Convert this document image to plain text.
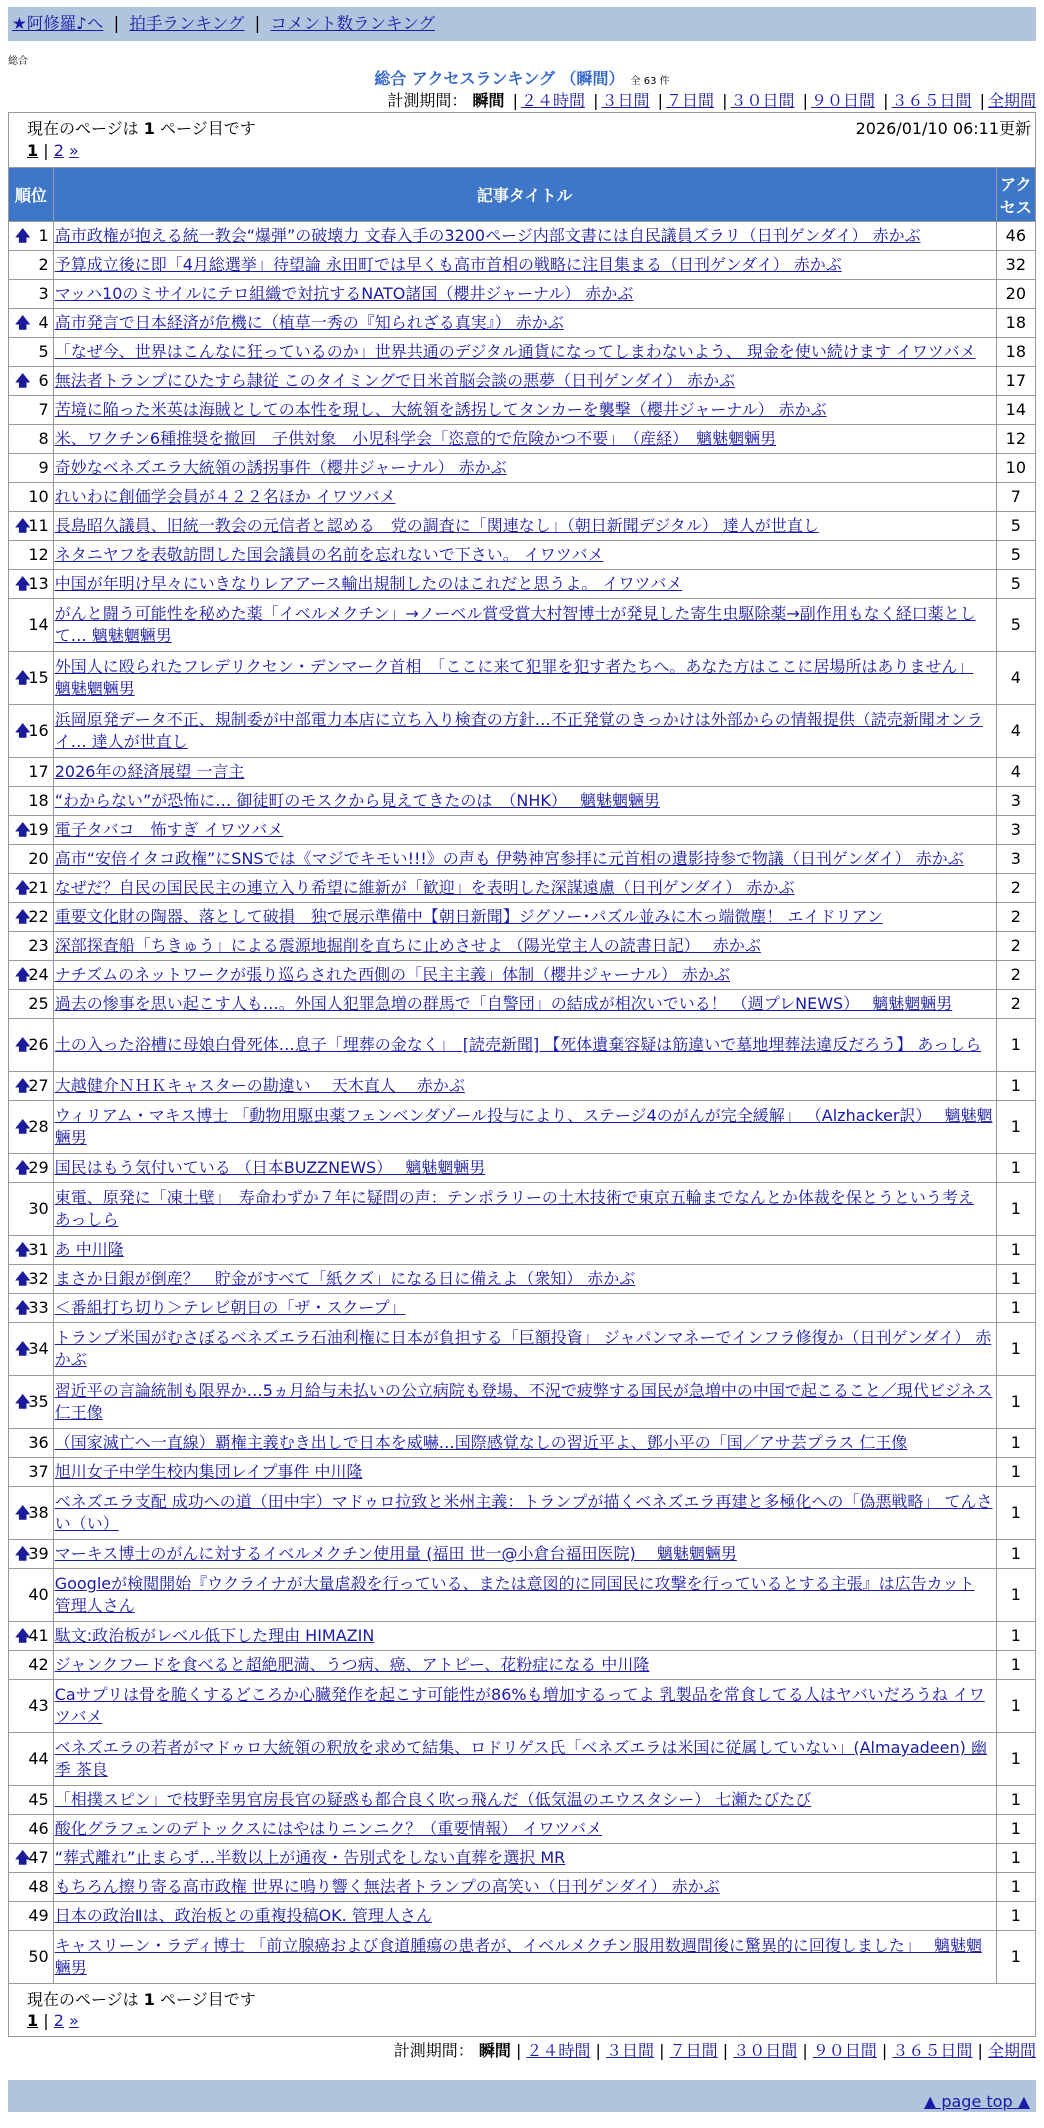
★阿修羅♪へ | 拍手ランキング | コメント数ランキング
総合
総合 アクセスランキング （瞬間） 全 63 件
計測期間： 瞬間 | ２４時間 | ３日間 | ７日間 | ３０日間 | ９０日間 | ３６５日間 | 全期間
現在のページは 1 ページ目です	2026/01/10 06:11更新
1 | 2 »
順位	記事タイトル	アクセス

🡅 1	高市政権が抱える統一教会“爆弾”の破壊力 文春入手の3200ページ内部文書には自民議員ズラリ（日刊ゲンダイ） 赤かぶ	46
2	予算成立後に即「4月総選挙」待望論 永田町では早くも高市首相の戦略に注目集まる（日刊ゲンダイ） 赤かぶ	32
3	マッハ10のミサイルにテロ組織で対抗するNATO諸国（櫻井ジャーナル） 赤かぶ	20

🡅 4	高市発言で日本経済が危機に（植草一秀の『知られざる真実』） 赤かぶ	18
5	「なぜ今、世界はこんなに狂っているのか」世界共通のデジタル通貨になってしまわないよう、 現金を使い続けます イワツバメ	18

🡅 6	無法者トランプにひたすら隷従 このタイミングで日米首脳会談の悪夢（日刊ゲンダイ） 赤かぶ	17
7	苦境に陥った米英は海賊としての本性を現し、大統領を誘拐してタンカーを襲撃（櫻井ジャーナル） 赤かぶ	14
8	米、ワクチン6種推奨を撤回　子供対象　小児科学会「恣意的で危険かつ不要」　（産経）　魑魅魍魎男	12
9	奇妙なベネズエラ大統領の誘拐事件（櫻井ジャーナル） 赤かぶ	10
10	れいわに創価学会員が４２２名ほか イワツバメ	7

🡅
11	長島昭久議員、旧統一教会の元信者と認める　党の調査に「関連なし」（朝日新聞デジタル） 達人が世直し	5
12	ネタニヤフを表敬訪問した国会議員の名前を忘れないで下さい。 イワツバメ	5

🡅
13	中国が年明け早々にいきなりレアアース輸出規制したのはこれだと思うよ。 イワツバメ	5
14	がんと闘う可能性を秘めた薬「イベルメクチン」→ノーベル賞受賞大村智博士が発見した寄生虫駆除薬→副作用もなく経口薬として… 魑魅魍魎男	5

🡅
15	外国人に殴られたフレデリクセン・デンマーク首相　「ここに来て犯罪を犯す者たちへ。あなた方はここに居場所はありません」 魑魅魍魎男	4

🡅
16	浜岡原発データ不正、規制委が中部電力本店に立ち入り検査の方針…不正発覚のきっかけは外部からの情報提供（読売新聞オンライ… 達人が世直し	4
17	2026年の経済展望 一言主	4
18	“わからない”が恐怖に… 御徒町のモスクから見えてきたのは　（NHK）　 魑魅魍魎男	3

🡅
19	電子タバコ　怖すぎ イワツバメ	3
20	高市“安倍イタコ政権”にSNSでは《マジでキモい!!!》の声も 伊勢神宮参拝に元首相の遺影持参で物議（日刊ゲンダイ） 赤かぶ	3

🡅
21	なぜだ？自民の国民民主の連立入り希望に維新が「歓迎」を表明した深謀遠慮（日刊ゲンダイ） 赤かぶ	2

🡅
22	重要文化財の陶器、落として破損　独で展示準備中【朝日新聞】ジグソー･パズル並みに木っ端微塵！ エイドリアン	2
23	深部探査船「ちきゅう」による震源地掘削を直ちに止めさせよ （陽光堂主人の読書日記）　 赤かぶ	2

🡅
24	ナチズムのネットワークが張り巡らされた西側の「民主主義」体制（櫻井ジャーナル） 赤かぶ	2
25	過去の惨事を思い起こす人も…。外国人犯罪急増の群馬で「自警団」の結成が相次いでいる！ （週プレNEWS）　 魑魅魍魎男	2

🡅
26	土の入った浴槽に母娘白骨死体…息子「埋葬の金なく」　[読売新聞] 【死体遺棄容疑は筋違いで墓地埋葬法違反だろう】 あっしら	1

🡅
27	大越健介ＮＨＫキャスターの勘違い　 天木直人　 赤かぶ	1

🡅
28	ウィリアム・マキス博士 「動物用駆虫薬フェンベンダゾール投与により、ステージ4のがんが完全緩解」 （Alzhacker訳）　 魑魅魍魎男	1

🡅
29	国民はもう気付いている （日本BUZZNEWS）　 魑魅魍魎男	1
30	東電、原発に「凍土壁」　寿命わずか７年に疑問の声：テンポラリーの土木技術で東京五輪までなんとか体裁を保とうという考え あっしら	1

🡅
31	あ 中川隆	1

🡅
32	まさか日銀が倒産？　貯金がすべて「紙クズ」になる日に備えよ（衆知） 赤かぶ	1

🡅
33	＜番組打ち切り＞テレビ朝日の「ザ・スクープ」	1

🡅
34	トランプ米国がむさぼるベネズエラ石油利権に日本が負担する「巨額投資」 ジャパンマネーでインフラ修復か（日刊ゲンダイ） 赤かぶ	1

🡅
35	習近平の言論統制も限界か…5ヵ月給与未払いの公立病院も登場、不況で疲弊する国民が急増中の中国で起こること／現代ビジネス 仁王像	1
36	（国家滅亡へ一直線）覇権主義むき出しで日本を威嚇…国際感覚なしの習近平よ、鄧小平の「国／アサ芸プラス 仁王像	1
37	旭川女子中学生校内集団レイプ事件 中川隆	1

🡅
38	ベネズエラ支配 成功への道（田中宇）マドゥロ拉致と米州主義：トランプが描くベネズエラ再建と多極化への「偽悪戦略」 てんさい（い）	1

🡅
39	マーキス博士のがんに対するイベルメクチン使用量 (福田 世一@小倉台福田医院)　 魑魅魍魎男	1
40	Googleが検閲開始『ウクライナが大量虐殺を行っている、または意図的に同国民に攻撃を行っているとする主張』は広告カット 管理人さん	1

🡅
41	駄文:政治板がレベル低下した理由 HIMAZIN	1
42	ジャンクフードを食べると超絶肥満、うつ病、癌、アトピー、花粉症になる 中川隆	1
43	Caサプリは骨を脆くするどころか心臓発作を起こす可能性が86%も増加するってよ 乳製品を常食してる人はヤバいだろうね イワツバメ	1
44	ベネズエラの若者がマドゥロ大統領の釈放を求めて結集、ロドリゲス氏「ベネズエラは米国に従属していない」(Almayadeen) 幽季 茶良	1
45	「相撲スピン」で枝野幸男官房長官の疑惑も都合良く吹っ飛んだ（低気温のエウスタシー） 七瀬たびたび	1
46	酸化グラフェンのデトックスにはやはりニンニク？（重要情報） イワツバメ	1

🡅
47	“葬式離れ”止まらず…半数以上が通夜・告別式をしない直葬を選択 MR	1
48	もちろん擦り寄る高市政権 世界に鳴り響く無法者トランプの高笑い（日刊ゲンダイ） 赤かぶ	1
49	日本の政治Ⅱは、政治板との重複投稿OK. 管理人さん	1
50	キャスリーン・ラディ博士 「前立腺癌および食道腫瘍の患者が、イベルメクチン服用数週間後に驚異的に回復しました」　 魑魅魍魎男	1
現在のページは 1 ページ目です
1 | 2 »
計測期間： 瞬間 | ２４時間 | ３日間 | ７日間 | ３０日間 | ９０日間 | ３６５日間 | 全期間
▲ page top ▲
